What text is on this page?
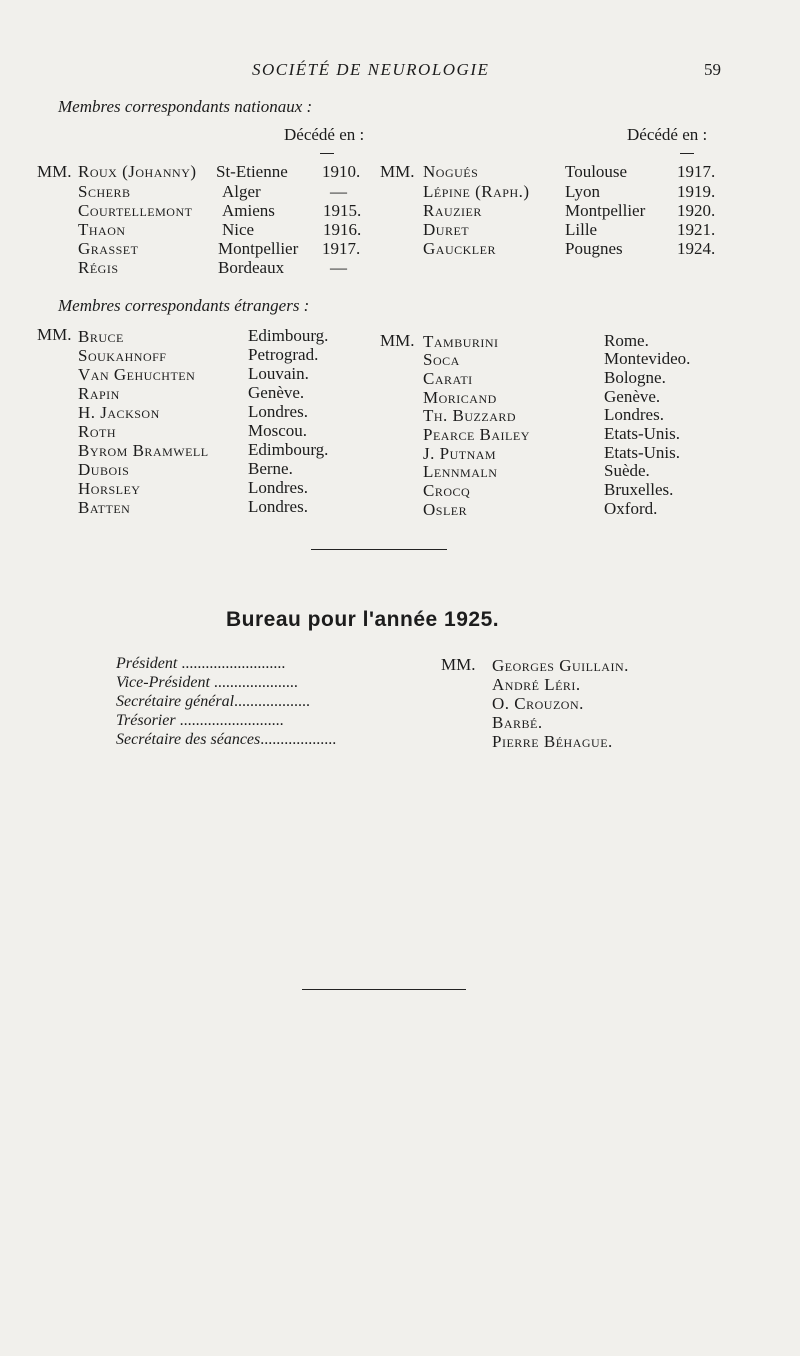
SOCIÉTÉ DE NEUROLOGIE	59
Membres correspondants nationaux :
Décédé en :	Décédé en :
MM.	MM.
Roux (Johanny) St-Etienne 1910.
Scherb	Alger	—
Courtellemont Amiens	1915.
Thaon	Nice	1916.
Grasset	Montpellier 1917.
Régis	Bordeaux	—
Nogués	Toulouse	1917.
Lépine (Raph.) Lyon	1919.
Rauzier	Montpellier 1920.
Duret	Lille	1921.
Gauckler	Pougnes	1924.
Membres correspondants étrangers :
MM.	MM.
Bruce	Edimbourg.
Soukahnoff	Petrograd.
Van Gehuchten	Louvain.
Rapin	Genève.
H. Jackson	Londres.
Roth	Moscou.
Byrom Bramwell Edimbourg.
Dubois	Berne.
Horsley	Londres.
Batten	Londres.
Tamburini	Rome.
Soca	Montevideo.
Carati	Bologne.
Moricand	Genève.
Th. Buzzard	Londres.
Pearce Bailey	Etats-Unis.
J. Putnam	Etats-Unis.
Lennmaln	Suède.
Crocq	Bruxelles.
Osler	Oxford.
Bureau pour l'année 1925.
MM.
Président ..........................	Georges Guillain.
Vice-Président .....................	André Léri.
Secrétaire général...................	O. Crouzon.
Trésorier ..........................	Barbé.
Secrétaire des séances...................	Pierre Béhague.
